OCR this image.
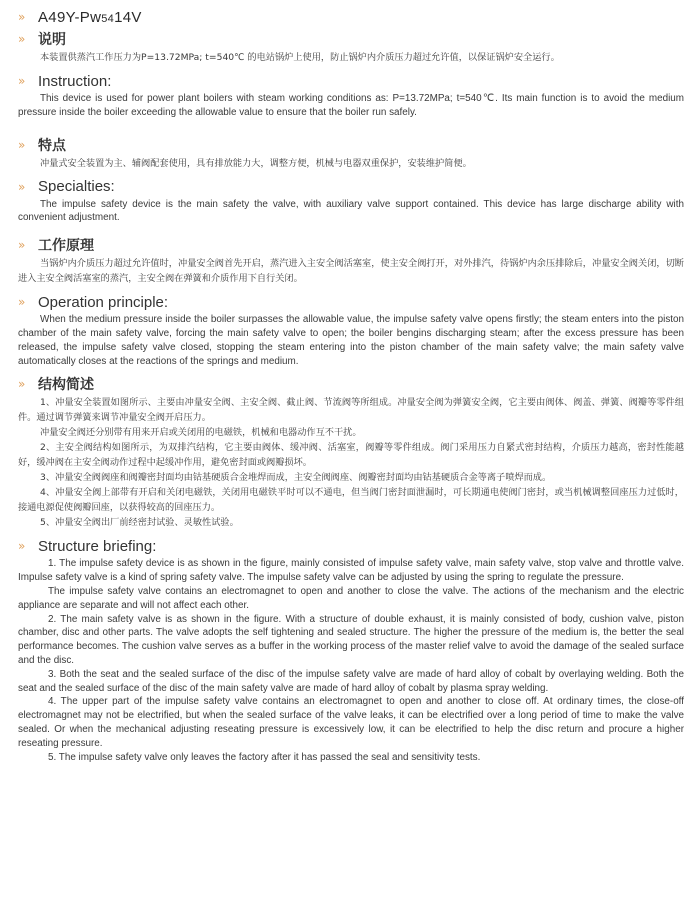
» A49Y-Pw5414V
»	说明

本装置供蒸汽工作压力为P=13.72MPa; t=540℃ 的电站锅炉上使用，防止锅炉内介质压力超过允许值，以保证锅炉安全运行。

» Instruction:

This device is used for power plant boilers with steam working conditions as: P=13.72MPa; t=540℃. Its main function is to avoid the medium pressure inside the boiler exceeding the allowable value to ensure that the boiler run safely.

»	特点

冲量式安全装置为主、辅阀配套使用，具有排放能力大，调整方便，机械与电器双重保护，安装维护简便。

» Specialties:

The impulse safety device is the main safety the valve, with auxiliary valve support contained. This device has large discharge ability with convenient adjustment.

»	工作原理

当锅炉内介质压力超过允许值时，冲量安全阀首先开启，蒸汽进入主安全阀活塞室，使主安全阀打开，对外排汽，待锅炉内余压排除后，冲量安全阀关闭，切断进入主安全阀活塞室的蒸汽，主安全阀在弹簧和介质作用下自行关闭。

» Operation principle:

When the medium pressure inside the boiler surpasses the allowable value, the impulse safety valve opens firstly; the steam enters into the piston chamber of the main safety valve, forcing the main safety valve to open; the boiler bengins discharging steam; after the excess pressure has been released, the impulse safety valve closed, stopping the steam entering into the piston chamber of the main safety valve; the main safety valve automatically closes at the reactions of the springs and medium.

»	结构简述

1、冲量安全装置如图所示、主要由冲量安全阀、主安全阀、截止阀、节流阀等所组成。冲量安全阀为弹簧安全阀，它主要由阀体、阀盖、弹簧、阀瓣等零件组件。通过调节弹簧来调节冲量安全阀开启压力。

冲量安全阀还分别带有用来开启或关闭用的电磁铁，机械和电器动作互不干扰。

2、主安全阀结构如图所示，为双排汽结构，它主要由阀体、缓冲阀、活塞室，阀瓣等零件组成。阀门采用压力自紧式密封结构，介质压力越高，密封性能越好，缓冲阀在主安全阀动作过程中起缓冲作用，避免密封面或阀瓣损坏。

3、冲量安全阀阀座和阀瓣密封面均由钴基硬质合金堆焊而成，主安全阀阀座、阀瓣密封面均由钴基硬质合金等离子喷焊而成。

4、冲量安全阀上部带有开启和关闭电磁铁，关闭用电磁铁平时可以不通电，但当阀门密封面泄漏时，可长期通电使阀门密封，或当机械调整回座压力过低时，接通电源促使阀瓣回座，以获得较高的回座压力。

5、冲量安全阀出厂前经密封试验、灵敏性试验。

» Structure briefing:

1. The impulse safety device is as shown in the figure, mainly consisted of impulse safety valve, main safety valve, stop valve and throttle valve. Impulse safety valve is a kind of spring safety valve. The impulse safety valve can be adjusted by using the spring to regulate the pressure.

The impulse safety valve contains an electromagnet to open and another to close the valve. The actions of the mechanism and the electric appliance are separate and will not affect each other.

2. The main safety valve is as shown in the figure. With a structure of double exhaust, it is mainly consisted of body, cushion valve, piston chamber, disc and other parts. The valve adopts the self tightening and sealed structure. The higher the pressure of the medium is, the better the seal performance becomes. The cushion valve serves as a buffer in the working process of the master relief valve to avoid the damage of the sealed surface and the disc.

3. Both the seat and the sealed surface of the disc of the impulse safety valve are made of hard alloy of cobalt by overlaying welding. Both the seat and the sealed surface of the disc of the main safety valve are made of hard alloy of cobalt by plasma spray welding.

4. The upper part of the impulse safety valve contains an electromagnet to open and another to close off. At ordinary times, the close-off electromagnet may not be electrified, but when the sealed surface of the valve leaks, it can be electrified over a long period of time to make the valve sealed. Or when the mechanical adjusting reseating pressure is excessively low, it can be electrified to help the disc return and procure a higher reseating pressure.

5. The impulse safety valve only leaves the factory after it has passed the seal and sensitivity tests.
